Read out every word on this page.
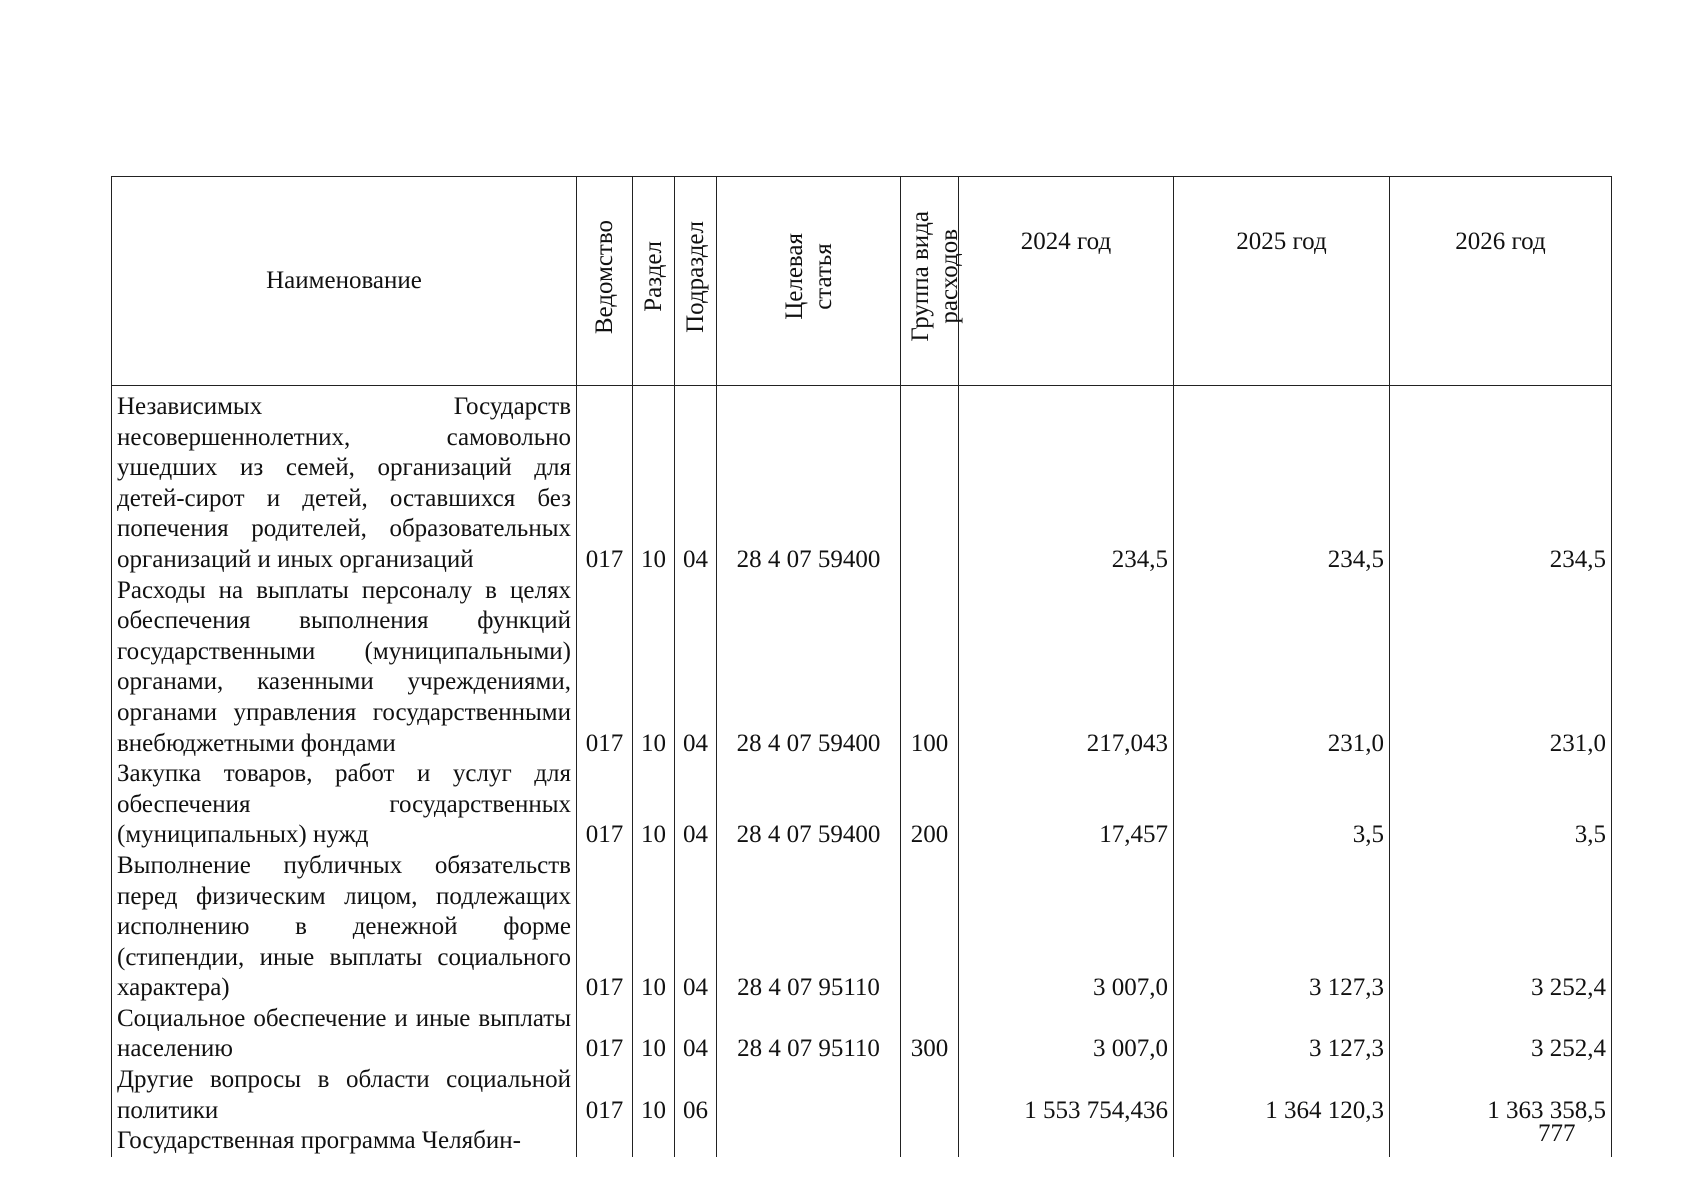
Наименование	Ведомство	Раздел	Подраздел	Целевая
статья	Группа вида
расходов	2024 год	2025 год	2026 год

Независимых Государств несовершеннолетних, самовольно ушедших из семей, организаций для детей-сирот и детей, оставшихся без попечения родителей, образовательных организаций и иных организаций	017	10	04	28 4 07 59400		234,5	234,5	234,5
Расходы на выплаты персоналу в целях обеспечения выполнения функций государственными (муниципальными) органами, казенными учреждениями, органами управления государственными внебюджетными фондами	017	10	04	28 4 07 59400	100	217,043	231,0	231,0
Закупка товаров, работ и услуг для обеспечения государственных (муниципальных) нужд	017	10	04	28 4 07 59400	200	17,457	3,5	3,5
Выполнение публичных обязательств перед физическим лицом, подлежащих исполнению в денежной форме (стипендии, иные выплаты социального характера)	017	10	04	28 4 07 95110		3 007,0	3 127,3	3 252,4
Социальное обеспечение и иные выплаты населению	017	10	04	28 4 07 95110	300	3 007,0	3 127,3	3 252,4
Другие вопросы в области социальной политики	017	10	06			1 553 754,436	1 364 120,3	1 363 358,5
Государственная программа Челябин-									777
